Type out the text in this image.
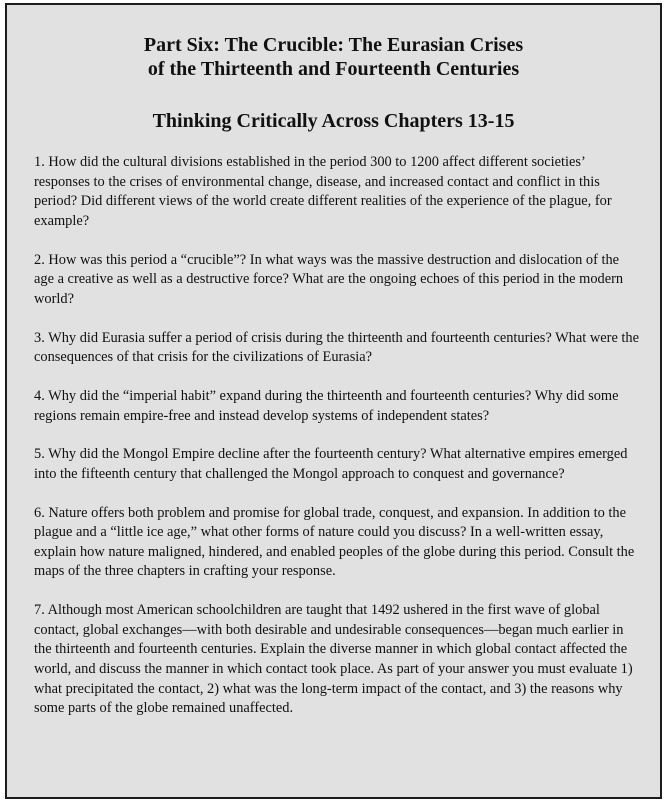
Part Six: The Crucible: The Eurasian Crises
of the Thirteenth and Fourteenth Centuries
Thinking Critically Across Chapters 13-15
1. How did the cultural divisions established in the period 300 to 1200 affect different societies’ responses to the crises of environmental change, disease, and increased contact and conflict in this period? Did different views of the world create different realities of the experience of the plague, for example?
2. How was this period a “crucible”? In what ways was the massive destruction and dislocation of the age a creative as well as a destructive force? What are the ongoing echoes of this period in the modern world?
3. Why did Eurasia suffer a period of crisis during the thirteenth and fourteenth centuries? What were the consequences of that crisis for the civilizations of Eurasia?
4. Why did the “imperial habit” expand during the thirteenth and fourteenth centuries? Why did some regions remain empire-free and instead develop systems of independent states?
5. Why did the Mongol Empire decline after the fourteenth century? What alternative empires emerged into the fifteenth century that challenged the Mongol approach to conquest and governance?
6. Nature offers both problem and promise for global trade, conquest, and expansion. In addition to the plague and a “little ice age,” what other forms of nature could you discuss? In a well-written essay, explain how nature maligned, hindered, and enabled peoples of the globe during this period. Consult the maps of the three chapters in crafting your response.
7. Although most American schoolchildren are taught that 1492 ushered in the first wave of global contact, global exchanges—with both desirable and undesirable consequences—began much earlier in the thirteenth and fourteenth centuries. Explain the diverse manner in which global contact affected the world, and discuss the manner in which contact took place. As part of your answer you must evaluate 1) what precipitated the contact, 2) what was the long-term impact of the contact, and 3) the reasons why some parts of the globe remained unaffected.
